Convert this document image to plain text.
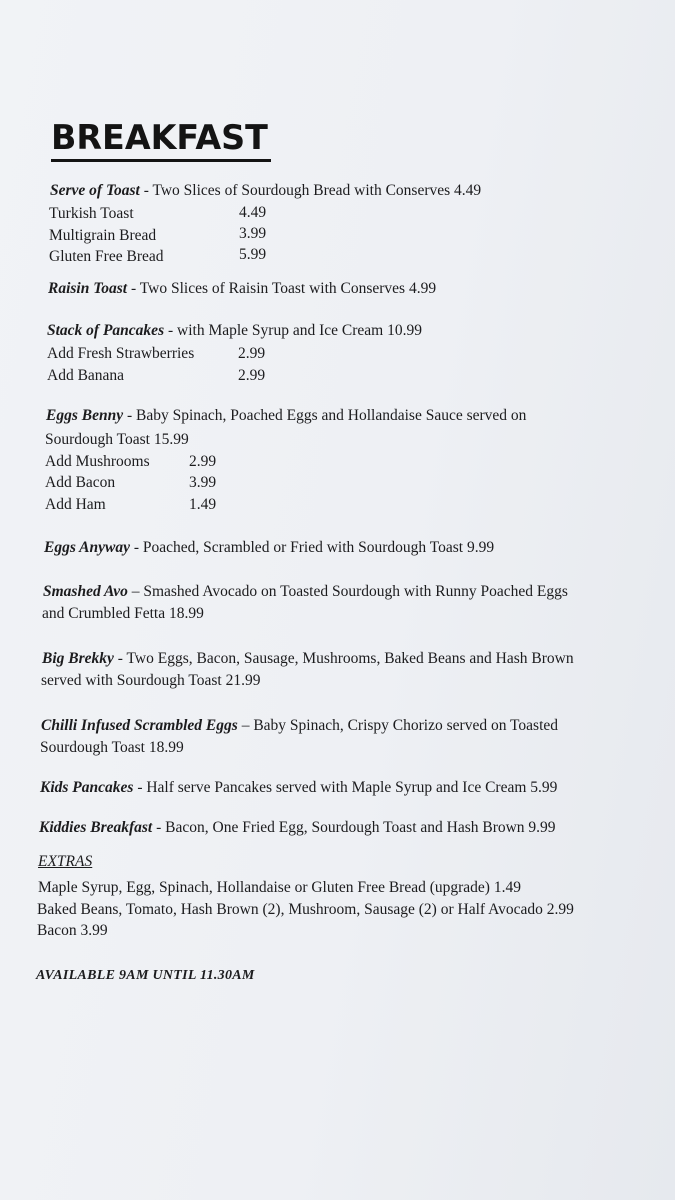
BREAKFAST
Serve of Toast - Two Slices of Sourdough Bread with Conserves 4.49
Turkish Toast	4.49
Multigrain Bread	3.99
Gluten Free Bread	5.99
Raisin Toast - Two Slices of Raisin Toast with Conserves 4.99
Stack of Pancakes - with Maple Syrup and Ice Cream 10.99
Add Fresh Strawberries	2.99
Add Banana	2.99
Eggs Benny - Baby Spinach, Poached Eggs and Hollandaise Sauce served on
Sourdough Toast 15.99
Add Mushrooms	2.99
Add Bacon	3.99
Add Ham	1.49
Eggs Anyway - Poached, Scrambled or Fried with Sourdough Toast 9.99
Smashed Avo – Smashed Avocado on Toasted Sourdough with Runny Poached Eggs
and Crumbled Fetta 18.99
Big Brekky - Two Eggs, Bacon, Sausage, Mushrooms, Baked Beans and Hash Brown
served with Sourdough Toast 21.99
Chilli Infused Scrambled Eggs – Baby Spinach, Crispy Chorizo served on Toasted
Sourdough Toast 18.99
Kids Pancakes - Half serve Pancakes served with Maple Syrup and Ice Cream 5.99
Kiddies Breakfast - Bacon, One Fried Egg, Sourdough Toast and Hash Brown 9.99
EXTRAS
Maple Syrup, Egg, Spinach, Hollandaise or Gluten Free Bread (upgrade) 1.49
Baked Beans, Tomato, Hash Brown (2), Mushroom, Sausage (2) or Half Avocado 2.99
Bacon 3.99
AVAILABLE 9AM UNTIL 11.30AM
